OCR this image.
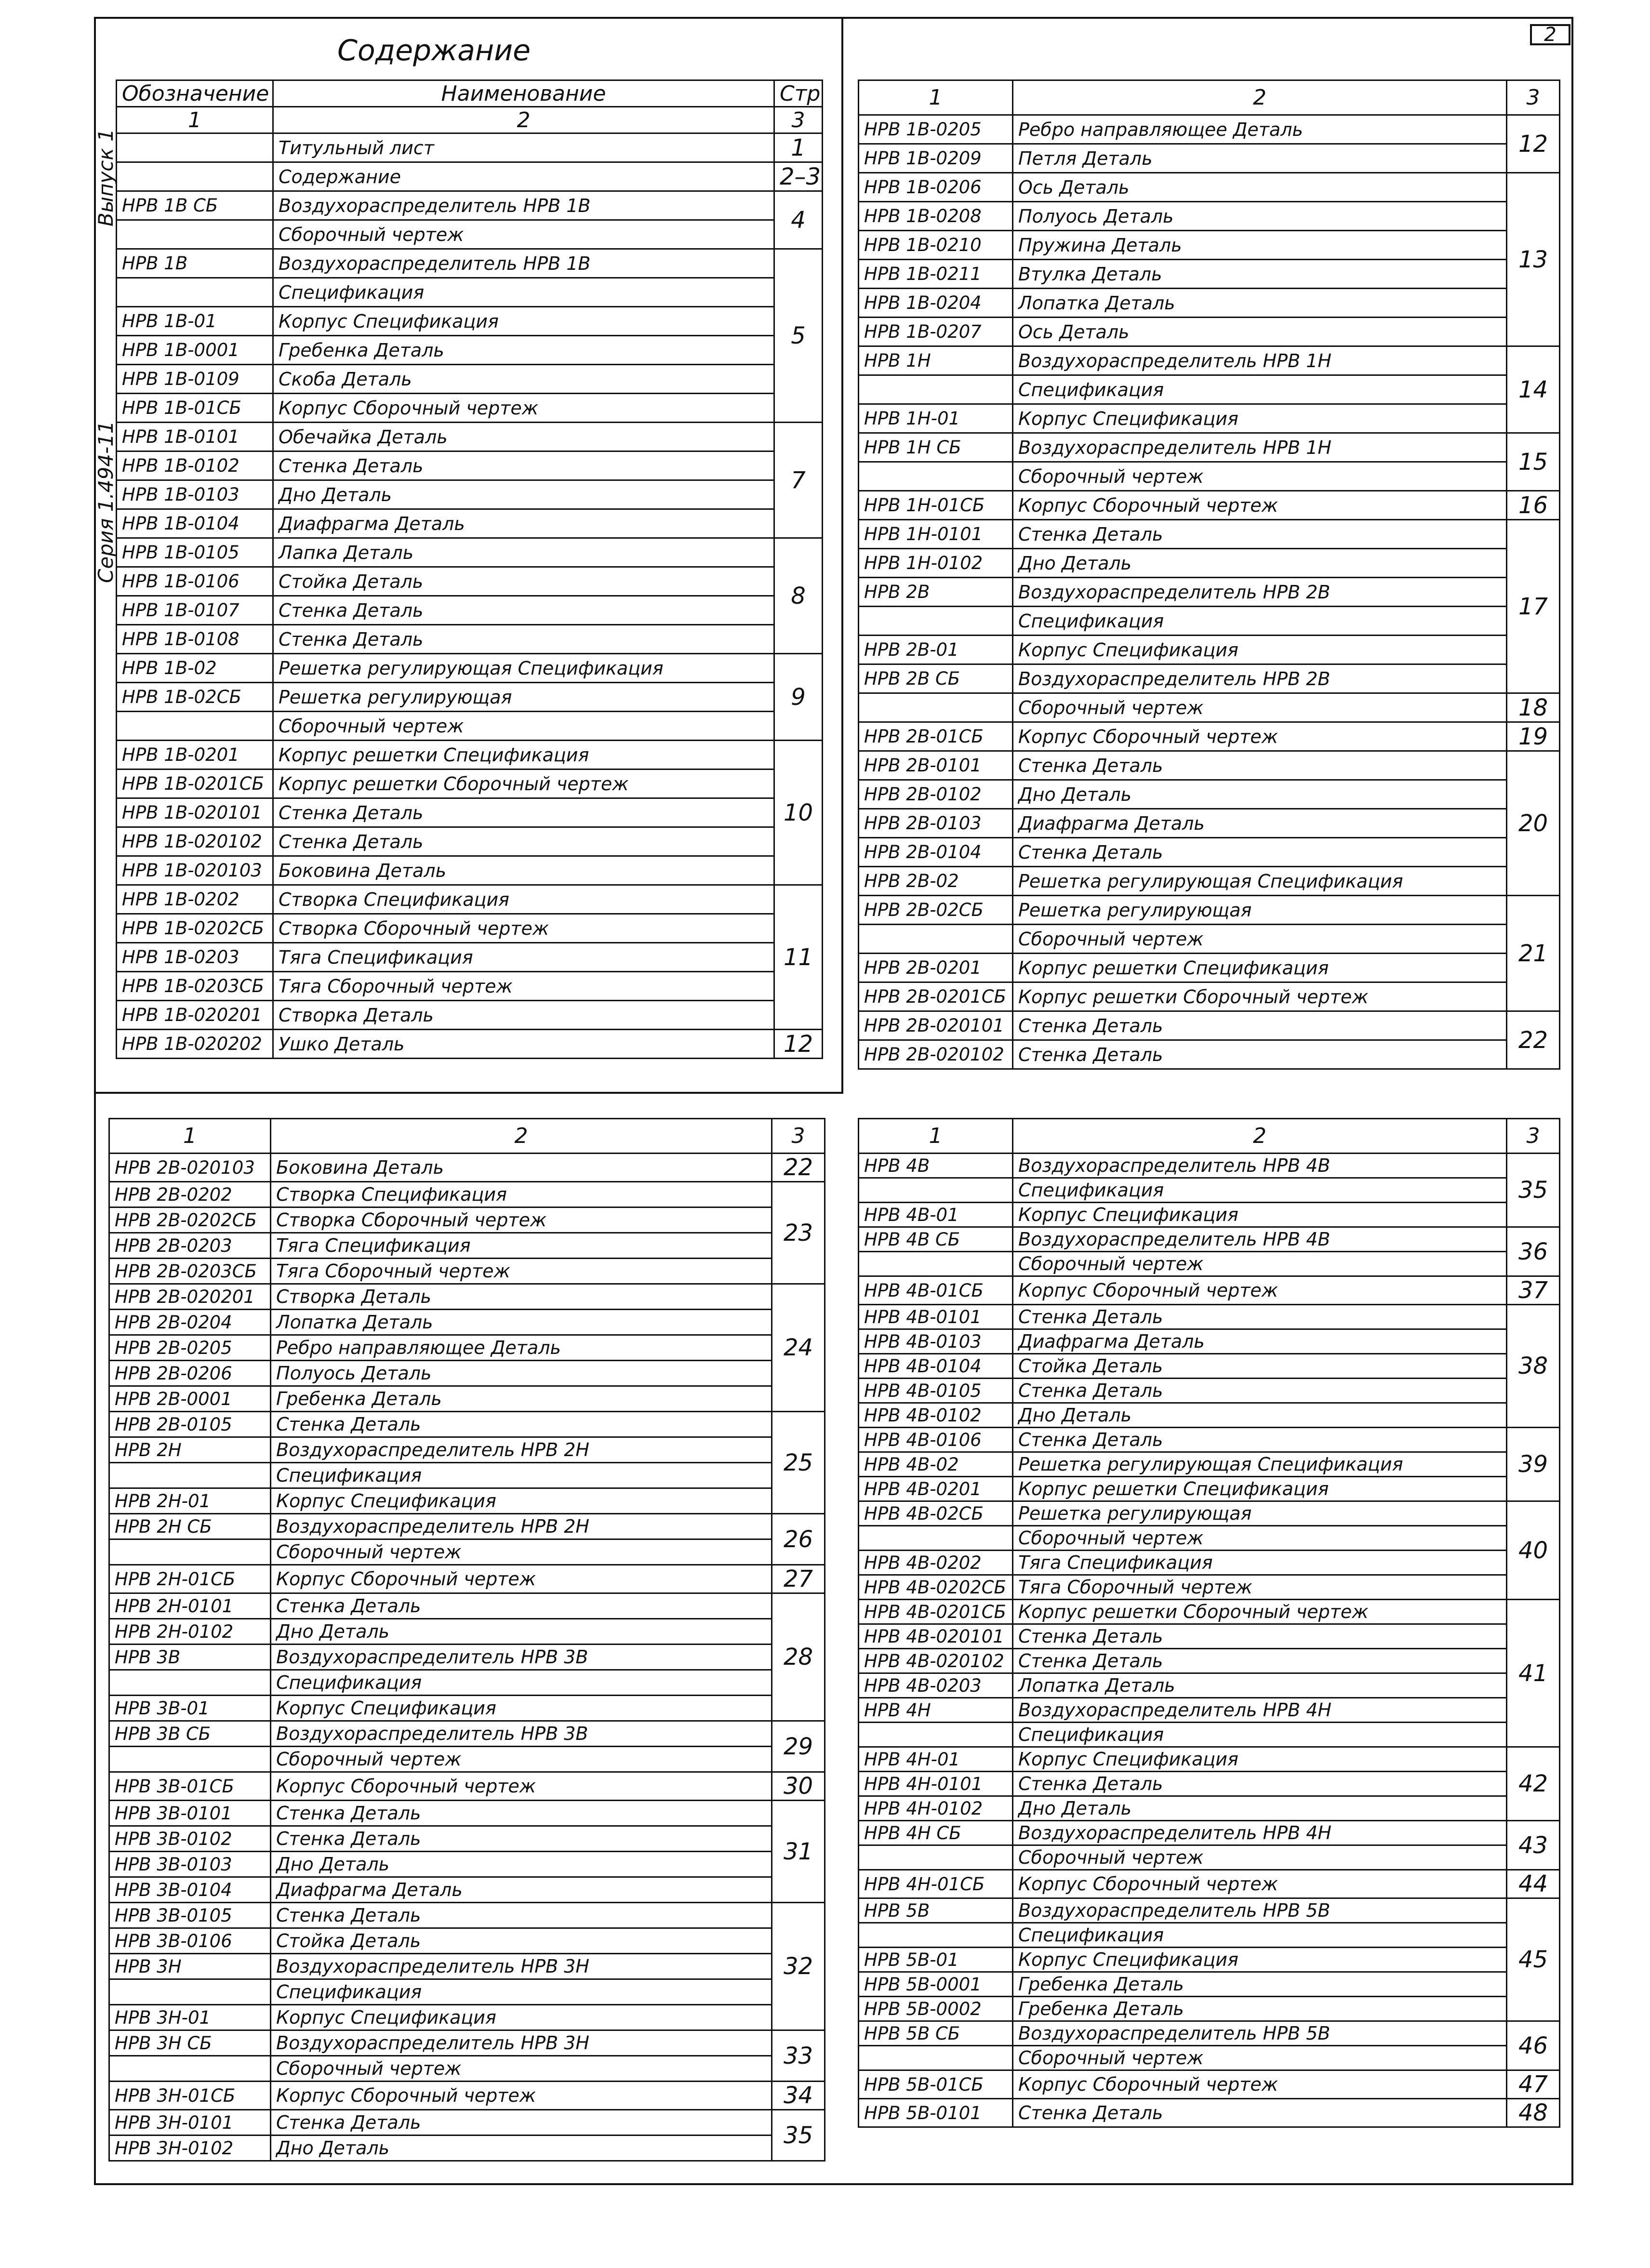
2
Содержание
Выпуск 1
Серия 1.494-11
Обозначение	Наименование	Стр
1	2	3
	Титульный лист	1
	Содержание	2–3
НРВ 1В СБ	Воздухораспределитель НРВ 1В	4
	Сборочный чертеж	
НРВ 1В	Воздухораспределитель НРВ 1В	5
	Спецификация	
НРВ 1В-01	Корпус Спецификация	
НРВ 1В-0001	Гребенка Деталь	
НРВ 1В-0109	Скоба Деталь	
НРВ 1В-01СБ	Корпус Сборочный чертеж	
НРВ 1В-0101	Обечайка Деталь	7
НРВ 1В-0102	Стенка Деталь	
НРВ 1В-0103	Дно Деталь	
НРВ 1В-0104	Диафрагма Деталь	
НРВ 1В-0105	Лапка Деталь	8
НРВ 1В-0106	Стойка Деталь	
НРВ 1В-0107	Стенка Деталь	
НРВ 1В-0108	Стенка Деталь	
НРВ 1В-02	Решетка регулирующая Спецификация	9
НРВ 1В-02СБ	Решетка регулирующая	
	Сборочный чертеж	
НРВ 1В-0201	Корпус решетки Спецификация	10
НРВ 1В-0201СБ	Корпус решетки Сборочный чертеж	
НРВ 1В-020101	Стенка Деталь	
НРВ 1В-020102	Стенка Деталь	
НРВ 1В-020103	Боковина Деталь	
НРВ 1В-0202	Створка Спецификация	11
НРВ 1В-0202СБ	Створка Сборочный чертеж	
НРВ 1В-0203	Тяга Спецификация	
НРВ 1В-0203СБ	Тяга Сборочный чертеж	
НРВ 1В-020201	Створка Деталь	
НРВ 1В-020202	Ушко Деталь	12
1	2	3
НРВ 1В-0205	Ребро направляющее Деталь	12
НРВ 1В-0209	Петля Деталь	
НРВ 1В-0206	Ось Деталь	13
НРВ 1В-0208	Полуось Деталь	
НРВ 1В-0210	Пружина Деталь	
НРВ 1В-0211	Втулка Деталь	
НРВ 1В-0204	Лопатка Деталь	
НРВ 1В-0207	Ось Деталь	
НРВ 1Н	Воздухораспределитель НРВ 1Н	14
	Спецификация	
НРВ 1Н-01	Корпус Спецификация	
НРВ 1Н СБ	Воздухораспределитель НРВ 1Н	15
	Сборочный чертеж	
НРВ 1Н-01СБ	Корпус Сборочный чертеж	16
НРВ 1Н-0101	Стенка Деталь	17
НРВ 1Н-0102	Дно Деталь	
НРВ 2В	Воздухораспределитель НРВ 2В	
	Спецификация	
НРВ 2В-01	Корпус Спецификация	
НРВ 2В СБ	Воздухораспределитель НРВ 2В	
	Сборочный чертеж	18
НРВ 2В-01СБ	Корпус Сборочный чертеж	19
НРВ 2В-0101	Стенка Деталь	20
НРВ 2В-0102	Дно Деталь	
НРВ 2В-0103	Диафрагма Деталь	
НРВ 2В-0104	Стенка Деталь	
НРВ 2В-02	Решетка регулирующая Спецификация	
НРВ 2В-02СБ	Решетка регулирующая	21
	Сборочный чертеж	
НРВ 2В-0201	Корпус решетки Спецификация	
НРВ 2В-0201СБ	Корпус решетки Сборочный чертеж	
НРВ 2В-020101	Стенка Деталь	22
НРВ 2В-020102	Стенка Деталь	
1	2	3
НРВ 2В-020103	Боковина Деталь	22
НРВ 2В-0202	Створка Спецификация	23
НРВ 2В-0202СБ	Створка Сборочный чертеж	
НРВ 2В-0203	Тяга Спецификация	
НРВ 2В-0203СБ	Тяга Сборочный чертеж	
НРВ 2В-020201	Створка Деталь	24
НРВ 2В-0204	Лопатка Деталь	
НРВ 2В-0205	Ребро направляющее Деталь	
НРВ 2В-0206	Полуось Деталь	
НРВ 2В-0001	Гребенка Деталь	
НРВ 2В-0105	Стенка Деталь	25
НРВ 2Н	Воздухораспределитель НРВ 2Н	
	Спецификация	
НРВ 2Н-01	Корпус Спецификация	
НРВ 2Н СБ	Воздухораспределитель НРВ 2Н	26
	Сборочный чертеж	
НРВ 2Н-01СБ	Корпус Сборочный чертеж	27
НРВ 2Н-0101	Стенка Деталь	28
НРВ 2Н-0102	Дно Деталь	
НРВ 3В	Воздухораспределитель НРВ 3В	
	Спецификация	
НРВ 3В-01	Корпус Спецификация	
НРВ 3В СБ	Воздухораспределитель НРВ 3В	29
	Сборочный чертеж	
НРВ 3В-01СБ	Корпус Сборочный чертеж	30
НРВ 3В-0101	Стенка Деталь	31
НРВ 3В-0102	Стенка Деталь	
НРВ 3В-0103	Дно Деталь	
НРВ 3В-0104	Диафрагма Деталь	
НРВ 3В-0105	Стенка Деталь	32
НРВ 3В-0106	Стойка Деталь	
НРВ 3Н	Воздухораспределитель НРВ 3Н	
	Спецификация	
НРВ 3Н-01	Корпус Спецификация	
НРВ 3Н СБ	Воздухораспределитель НРВ 3Н	33
	Сборочный чертеж	
НРВ 3Н-01СБ	Корпус Сборочный чертеж	34
НРВ 3Н-0101	Стенка Деталь	35
НРВ 3Н-0102	Дно Деталь	
1	2	3
НРВ 4В	Воздухораспределитель НРВ 4В	35
	Спецификация	
НРВ 4В-01	Корпус Спецификация	
НРВ 4В СБ	Воздухораспределитель НРВ 4В	36
	Сборочный чертеж	
НРВ 4В-01СБ	Корпус Сборочный чертеж	37
НРВ 4В-0101	Стенка Деталь	38
НРВ 4В-0103	Диафрагма Деталь	
НРВ 4В-0104	Стойка Деталь	
НРВ 4В-0105	Стенка Деталь	
НРВ 4В-0102	Дно Деталь	
НРВ 4В-0106	Стенка Деталь	39
НРВ 4В-02	Решетка регулирующая Спецификация	
НРВ 4В-0201	Корпус решетки Спецификация	
НРВ 4В-02СБ	Решетка регулирующая	40
	Сборочный чертеж	
НРВ 4В-0202	Тяга Спецификация	
НРВ 4В-0202СБ	Тяга Сборочный чертеж	
НРВ 4В-0201СБ	Корпус решетки Сборочный чертеж	41
НРВ 4В-020101	Стенка Деталь	
НРВ 4В-020102	Стенка Деталь	
НРВ 4В-0203	Лопатка Деталь	
НРВ 4Н	Воздухораспределитель НРВ 4Н	
	Спецификация	
НРВ 4Н-01	Корпус Спецификация	42
НРВ 4Н-0101	Стенка Деталь	
НРВ 4Н-0102	Дно Деталь	
НРВ 4Н СБ	Воздухораспределитель НРВ 4Н	43
	Сборочный чертеж	
НРВ 4Н-01СБ	Корпус Сборочный чертеж	44
НРВ 5В	Воздухораспределитель НРВ 5В	45
	Спецификация	
НРВ 5В-01	Корпус Спецификация	
НРВ 5В-0001	Гребенка Деталь	
НРВ 5В-0002	Гребенка Деталь	
НРВ 5В СБ	Воздухораспределитель НРВ 5В	46
	Сборочный чертеж	
НРВ 5В-01СБ	Корпус Сборочный чертеж	47
НРВ 5В-0101	Стенка Деталь	48
